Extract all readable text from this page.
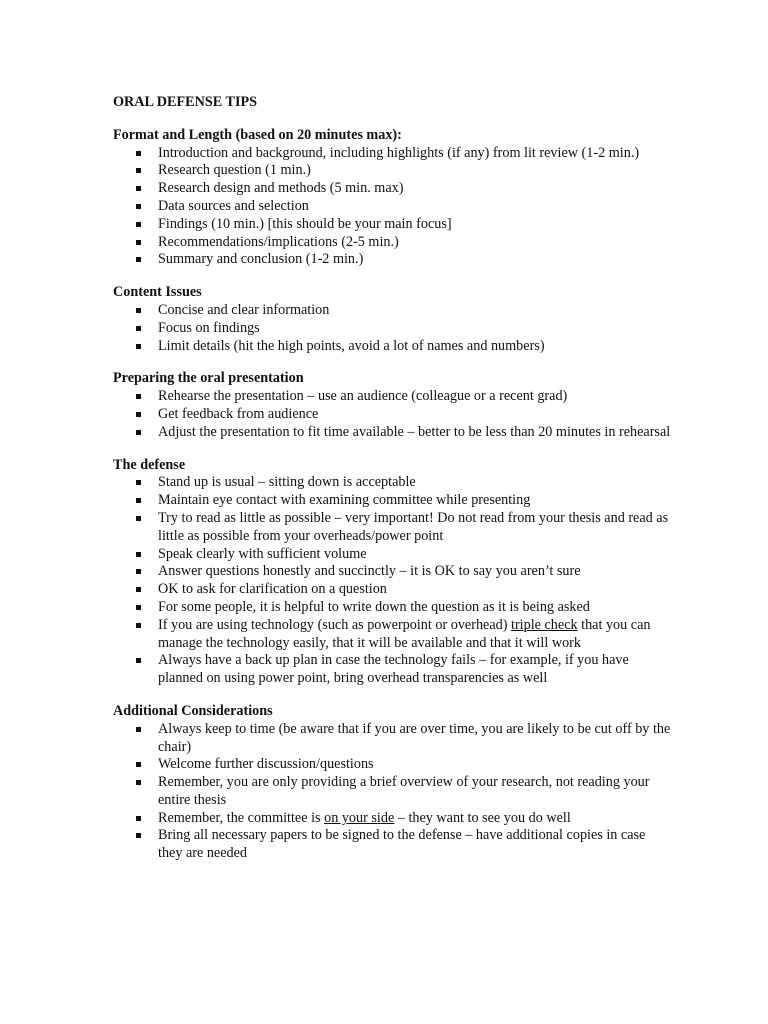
ORAL DEFENSE TIPS
Format and Length (based on 20 minutes max):
Introduction and background, including highlights (if any) from lit review (1-2 min.)
Research question (1 min.)
Research design and methods (5 min. max)
Data sources and selection
Findings (10 min.) [this should be your main focus]
Recommendations/implications (2-5 min.)
Summary and conclusion (1-2 min.)
Content Issues
Concise and clear information
Focus on findings
Limit details (hit the high points, avoid a lot of names and numbers)
Preparing the oral presentation
Rehearse the presentation – use an audience (colleague or a recent grad)
Get feedback from audience
Adjust the presentation to fit time available – better to be less than 20 minutes in rehearsal
The defense
Stand up is usual – sitting down is acceptable
Maintain eye contact with examining committee while presenting
Try to read as little as possible – very important! Do not read from your thesis and read as little as possible from your overheads/power point
Speak clearly with sufficient volume
Answer questions honestly and succinctly – it is OK to say you aren’t sure
OK to ask for clarification on a question
For some people, it is helpful to write down the question as it is being asked
If you are using technology (such as powerpoint or overhead) triple check that you can manage the technology easily, that it will be available and that it will work
Always have a back up plan in case the technology fails – for example, if you have planned on using power point, bring overhead transparencies as well
Additional Considerations
Always keep to time (be aware that if you are over time, you are likely to be cut off by the chair)
Welcome further discussion/questions
Remember, you are only providing a brief overview of your research, not reading your entire thesis
Remember, the committee is on your side – they want to see you do well
Bring all necessary papers to be signed to the defense – have additional copies in case they are needed
